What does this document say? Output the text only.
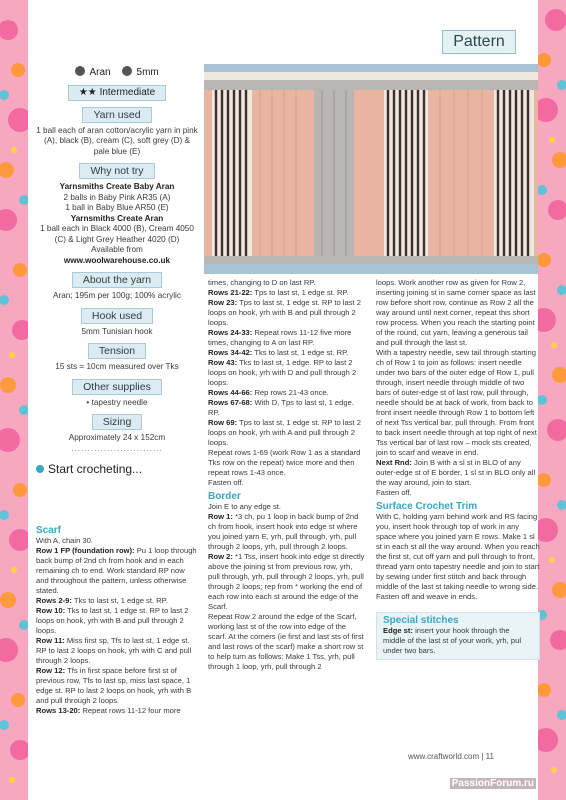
Pattern
Aran	5mm
★★ Intermediate
Yarn used
1 ball each of aran cotton/acrylic yarn in pink (A), black (B), cream (C), soft grey (D) & pale blue (E)
Why not try
Yarnsmiths Create Baby Aran
2 balls in Baby Pink AR35 (A)
1 ball in Baby Blue AR50 (E)
Yarnsmiths Create Aran
1 ball each in Black 4000 (B), Cream 4050 (C) & Light Grey Heather 4020 (D)
Available from
www.woolwarehouse.co.uk
About the yarn
Aran; 195m per 100g; 100% acrylic
Hook used
5mm Tunisian hook
Tension
15 sts = 10cm measured over Tks
Other supplies
• tapestry needle
Sizing
Approximately 24 x 152cm
............................
Start crocheting...
Scarf

With A, chain 30.

Row 1 FP (foundation row): Pu 1 loop through back bump of 2nd ch from hook and in each remaining ch to end. Work standard RP now and throughout the pattern, unless otherwise stated.

Rows 2-9: Tks to last st, 1 edge st. RP.

Row 10: Tks to last st, 1 edge st. RP to last 2 loops on hook, yrh with B and pull through 2 loops.

Row 11: Miss first sp, Tfs to last st, 1 edge st. RP to last 2 loops on hook, yrh with C and pull through 2 loops.

Row 12: Tfs in first space before first st of previous row, Tfs to last sp, miss last space, 1 edge st. RP to last 2 loops on hook, yrh with B and pull through 2 loops.

Rows 13-20: Repeat rows 11-12 four more

times, changing to D on last RP.

Rows 21-22: Tps to last st, 1 edge st. RP.

Row 23: Tps to last st, 1 edge st. RP to last 2 loops on hook, yrh with B and pull through 2 loops.

Rows 24-33: Repeat rows 11-12 five more times, changing to A on last RP.

Rows 34-42: Tks to last st, 1 edge st. RP.

Row 43: Tks to last st, 1 edge. RP to last 2 loops on hook, yrh with D and pull through 2 loops.

Rows 44-66: Rep rows 21-43 once.

Rows 67-68: With D, Tps to last st, 1 edge. RP.

Row 69: Tps to last st, 1 edge st. RP to last 2 loops on hook, yrh with A and pull through 2 loops.

Repeat rows 1-69 (work Row 1 as a standard Tks row on the repeat) twice more and then repeat rows 1-43 once.

Fasten off.

Border

Join E to any edge st.

Row 1: *3 ch, pu 1 loop in back bump of 2nd ch from hook, insert hook into edge st where you joined yarn E, yrh, pull through, yrh, pull through 2 loops, yrh, pull through 2 loops.

Row 2: *1 Tss, insert hook into edge st directly above the joining st from previous row, yrh, pull through, yrh, pull through 2 loops, yrh, pull through 2 loops; rep from * working the end of each row into each st around the edge of the Scarf.

Repeat Row 2 around the edge of the Scarf, working last st of the row into edge of the scarf. At the corners (ie first and last sts of first and last rows of the scarf) make a short row st to help turn as follows: Make 1 Tss, yrh, pull through 1 loop, yrh, pull through 2

loops. Work another row as given for Row 2, inserting joining st in same corner space as last row before short row, continue as Row 2 all the way around until next corner, repeat this short row process. When you reach the starting point of the round, cut yarn, leaving a generous tail and pull through the last st.

With a tapestry needle, sew tail through starting ch of Row 1 to join as follows: insert needle under two bars of the outer edge of Row 1, pull through, insert needle through middle of two bars of outer-edge st of last row, pull through, needle should be at back of work, from back to front insert needle through Row 1 to bottom left of next Tss vertical bar, pull through. From front to back insert needle through at top right of next Tss vertical bar of last row – mock sts created, join to scarf and weave in end.

Next Rnd: Join B with a sl st in BLO of any outer-edge st of E border, 1 sl st in BLO only all the way around, join to start.

Fasten off.

Surface Crochet Trim

With C, holding yarn behind work and RS facing you, insert hook through top of work in any space where you joined yarn E rows. Make 1 sl st in each st all the way around. When you reach the first st, cut off yarn and pull through to front, thread yarn onto tapestry needle and join to start by sewing under first stitch and back through middle of the last st taking needle to wrong side. Fasten off and weave in ends.

Special stitches

Edge st: insert your hook through the middle of the last st of your work, yrh, pul under two bars.

www.craftworld.com | 11
PassionForum.ru
